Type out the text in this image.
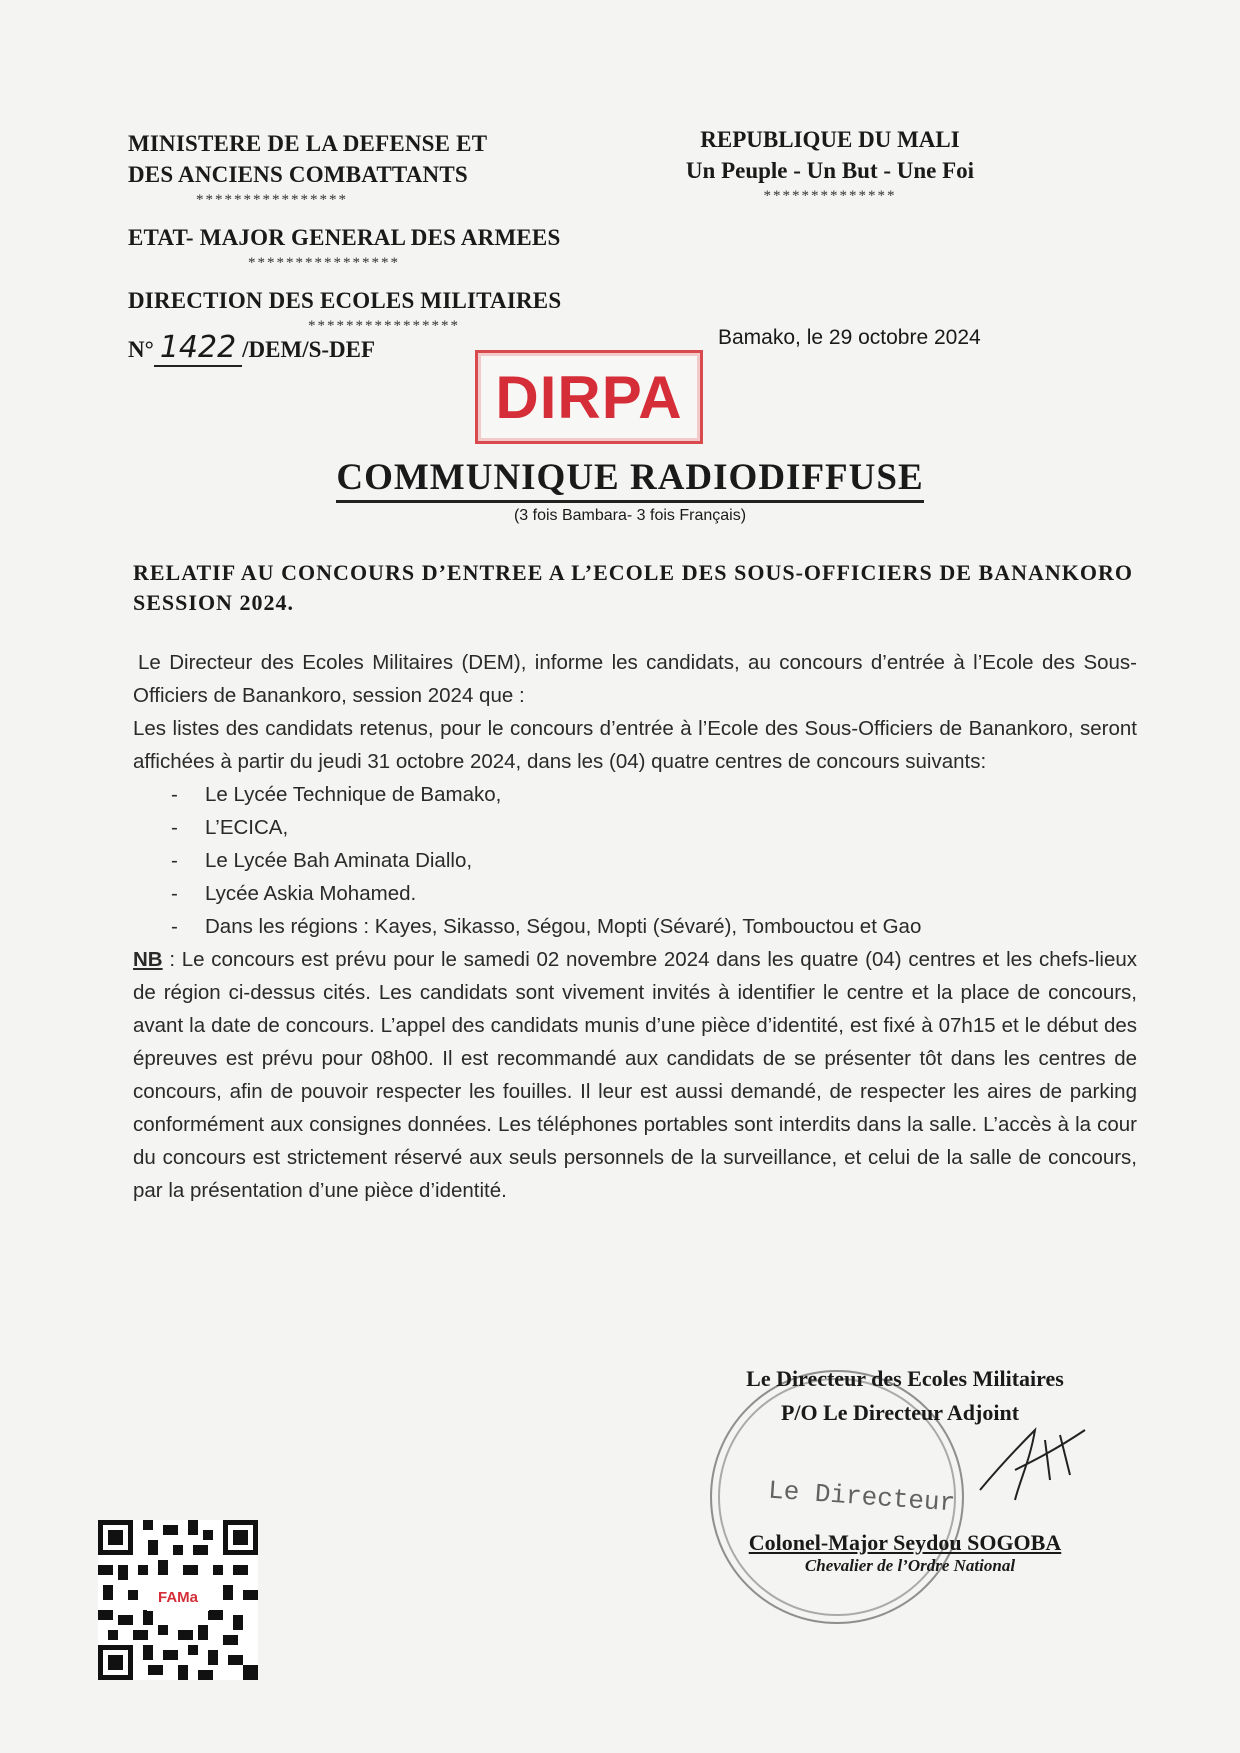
MINISTERE DE LA DEFENSE ET
DES ANCIENS COMBATTANTS
****************
ETAT- MAJOR GENERAL DES ARMEES
****************
DIRECTION DES ECOLES MILITAIRES
****************
N° 1422 /DEM/S-DEF
REPUBLIQUE DU MALI
Un Peuple - Un But - Une Foi
**************
Bamako, le 29 octobre 2024
DIRPA
COMMUNIQUE RADIODIFFUSE
(3 fois Bambara- 3 fois Français)
RELATIF AU CONCOURS D’ENTREE A L’ECOLE DES SOUS-OFFICIERS DE BANANKORO SESSION 2024.

Le Directeur des Ecoles Militaires (DEM), informe les candidats, au concours d’entrée à l’Ecole des Sous-Officiers de Banankoro, session 2024 que :

Les listes des candidats retenus, pour le concours d’entrée à l’Ecole des Sous-Officiers de Banankoro, seront affichées à partir du jeudi 31 octobre 2024, dans les (04) quatre centres de concours suivants:

- Le Lycée Technique de Bamako,
- L’ECICA,
- Le Lycée Bah Aminata Diallo,
- Lycée Askia Mohamed.
- Dans les régions : Kayes, Sikasso, Ségou, Mopti (Sévaré), Tombouctou et Gao

NB : Le concours est prévu pour le samedi 02 novembre 2024 dans les quatre (04) centres et les chefs-lieux de région ci-dessus cités. Les candidats sont vivement invités à identifier le centre et la place de concours, avant la date de concours. L’appel des candidats munis d’une pièce d’identité, est fixé à 07h15 et le début des épreuves est prévu pour 08h00. Il est recommandé aux candidats de se présenter tôt dans les centres de concours, afin de pouvoir respecter les fouilles. Il leur est aussi demandé, de respecter les aires de parking conformément aux consignes données. Les téléphones portables sont interdits dans la salle. L’accès à la cour du concours est strictement réservé aux seuls personnels de la surveillance, et celui de la salle de concours, par la présentation d’une pièce d’identité.

Le Directeur
Le Directeur des Ecoles Militaires
P/O Le Directeur Adjoint
Colonel-Major Seydou SOGOBA
Chevalier de l’Ordre National
FAMa
